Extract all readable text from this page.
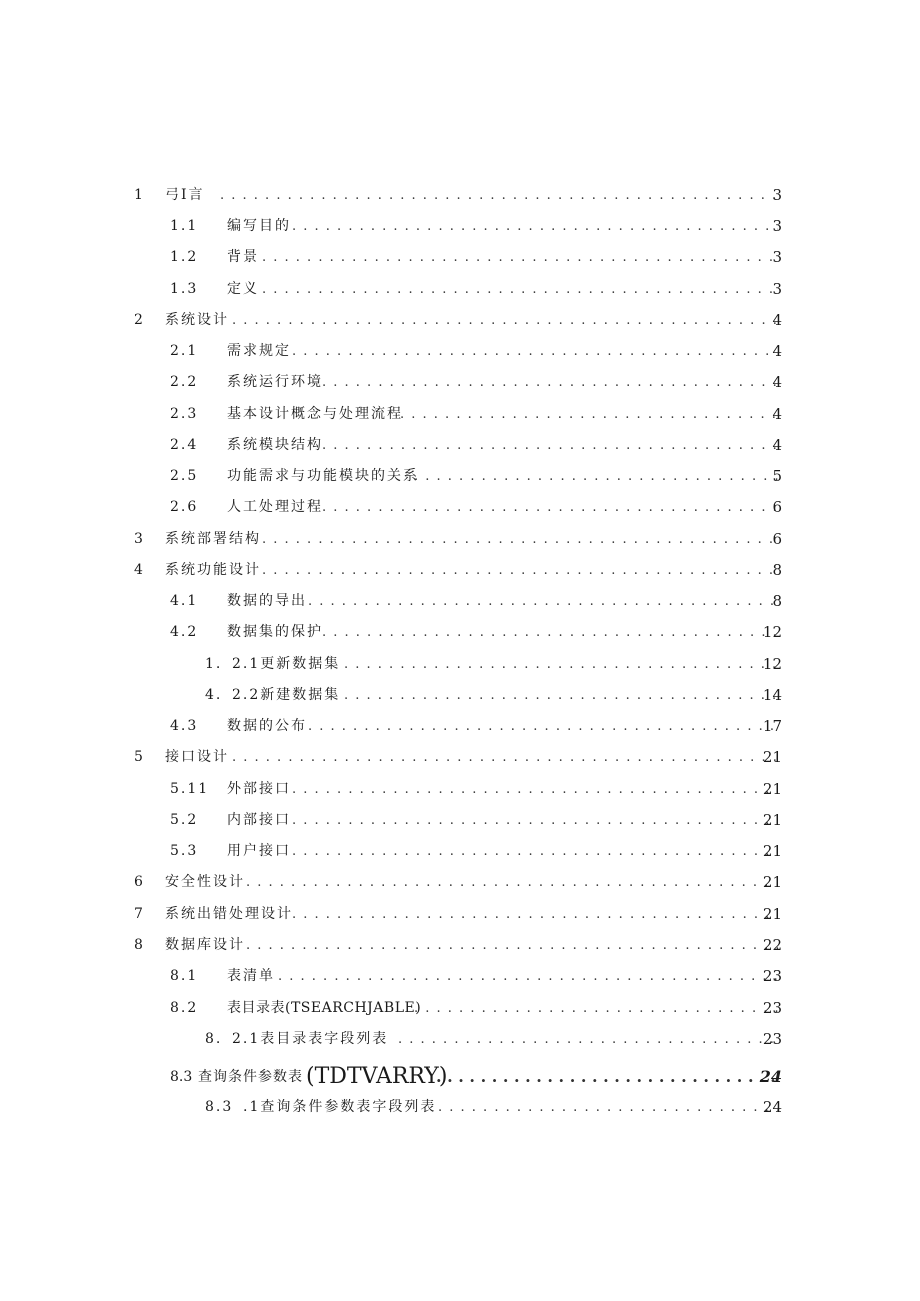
1 弓I言 . . .	3
1.1 编写目的 . . .	3
1.2 背景 . . .	3
1.3 定义 . . .	3
2 系统设计 . . .	4
2.1 需求规定 . . .	4
2.2 系统运行环境 . . .	4
2.3 基本设计概念与处理流程 . . .	4
2.4 系统模块结构 . . .	4
2.5 功能需求与功能模块的关系 . . .	5
2.6 人工处理过程 . . .	6
3 系统部署结构 . . .	6
4 系统功能设计 . . .	8
4.1 数据的导出 . . .	8
4.2 数据集的保护 . . .	12
1. 2.1更新数据集 . . .	12
4. 2.2新建数据集 . . .	14
4.3 数据的公布 . . .	17
5 接口设计 . . .	21
5.11 外部接口 . . .	21
5.2 内部接口 . . .	21
5.3 用户接口 . . .	21
6 安全性设计 . . .	21
7 系统出错处理设计 . . .	21
8 数据库设计 . . .	22
8.1 表清单 . . .	23
8.2 表目录表(TSEARCHJABLE) . . .	23
8. 2.1表目录表字段列表 . . .	23
8.3 查询条件参数表 (TDTVARRY) . . .	24
8.3 .1查询条件参数表字段列表 . . .	24
